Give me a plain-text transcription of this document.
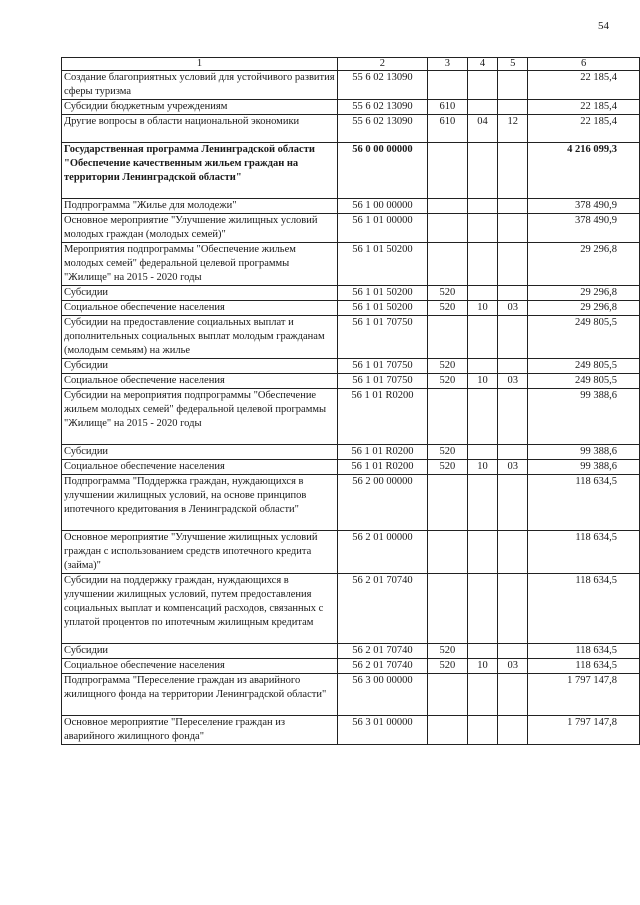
54
1	2	3	4	5	6
Создание благоприятных условий для устойчивого развития сферы туризма	55 6 02 13090				22 185,4
Субсидии бюджетным учреждениям	55 6 02 13090	610			22 185,4
Другие вопросы в области национальной экономики	55 6 02 13090	610	04	12	22 185,4
Государственная программа Ленинградской области "Обеспечение качественным жильем граждан на территории Ленинградской области"	56 0 00 00000				4 216 099,3
Подпрограмма "Жилье для молодежи"	56 1 00 00000				378 490,9
Основное мероприятие "Улучшение жилищных условий молодых граждан (молодых семей)"	56 1 01 00000				378 490,9
Мероприятия подпрограммы "Обеспечение жильем молодых семей" федеральной целевой программы "Жилище" на 2015 - 2020 годы	56 1 01 50200				29 296,8
Субсидии	56 1 01 50200	520			29 296,8
Социальное обеспечение населения	56 1 01 50200	520	10	03	29 296,8
Субсидии на предоставление социальных выплат и дополнительных социальных выплат молодым гражданам (молодым семьям) на жилье	56 1 01 70750				249 805,5
Субсидии	56 1 01 70750	520			249 805,5
Социальное обеспечение населения	56 1 01 70750	520	10	03	249 805,5
Субсидии на мероприятия подпрограммы "Обеспечение жильем молодых семей" федеральной целевой программы "Жилище" на 2015 - 2020 годы	56 1 01 R0200				99 388,6
Субсидии	56 1 01 R0200	520			99 388,6
Социальное обеспечение населения	56 1 01 R0200	520	10	03	99 388,6
Подпрограмма "Поддержка граждан, нуждающихся в улучшении жилищных условий, на основе принципов ипотечного кредитования в Ленинградской области"	56 2 00 00000				118 634,5
Основное мероприятие "Улучшение жилищных условий граждан с использованием средств ипотечного кредита (займа)"	56 2 01 00000				118 634,5
Субсидии на поддержку граждан, нуждающихся в улучшении жилищных условий, путем предоставления социальных выплат и компенсаций расходов, связанных с уплатой процентов по ипотечным жилищным кредитам	56 2 01 70740				118 634,5
Субсидии	56 2 01 70740	520			118 634,5
Социальное обеспечение населения	56 2 01 70740	520	10	03	118 634,5
Подпрограмма "Переселение граждан из аварийного жилищного фонда на территории Ленинградской области"	56 3 00 00000				1 797 147,8
Основное мероприятие "Переселение граждан из аварийного жилищного фонда"	56 3 01 00000				1 797 147,8
